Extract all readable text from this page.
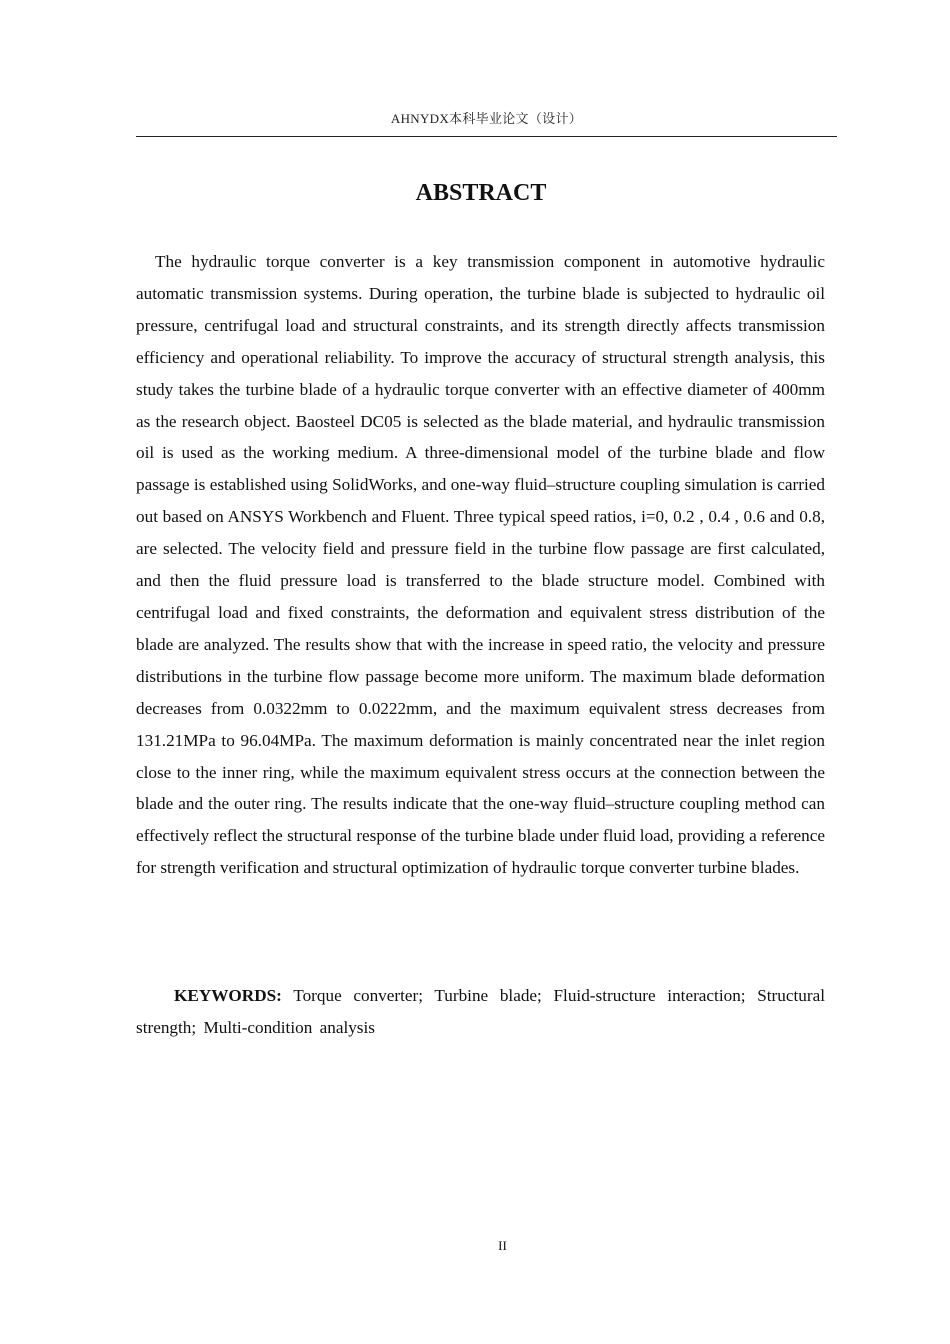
AHNYDX本科毕业论文（设计）
ABSTRACT

The hydraulic torque converter is a key transmission component in automotive hydraulic automatic transmission systems. During operation, the turbine blade is subjected to hydraulic oil pressure, centrifugal load and structural constraints, and its strength directly affects transmission efficiency and operational reliability. To improve the accuracy of structural strength analysis, this study takes the turbine blade of a hydraulic torque converter with an effective diameter of 400mm as the research object. Baosteel DC05 is selected as the blade material, and hydraulic transmission oil is used as the working medium. A three-dimensional model of the turbine blade and flow passage is established using SolidWorks, and one-way fluid–structure coupling simulation is carried out based on ANSYS Workbench and Fluent. Three typical speed ratios, i=0, 0.2 , 0.4 , 0.6 and 0.8, are selected. The velocity field and pressure field in the turbine flow passage are first calculated, and then the fluid pressure load is transferred to the blade structure model. Combined with centrifugal load and fixed constraints, the deformation and equivalent stress distribution of the blade are analyzed. The results show that with the increase in speed ratio, the velocity and pressure distributions in the turbine flow passage become more uniform. The maximum blade deformation decreases from 0.0322mm to 0.0222mm, and the maximum equivalent stress decreases from 131.21MPa to 96.04MPa. The maximum deformation is mainly concentrated near the inlet region close to the inner ring, while the maximum equivalent stress occurs at the connection between the blade and the outer ring. The results indicate that the one-way fluid–structure coupling method can effectively reflect the structural response of the turbine blade under fluid load, providing a reference for strength verification and structural optimization of hydraulic torque converter turbine blades.

KEYWORDS: Torque converter; Turbine blade; Fluid-structure interaction; Structural strength; Multi-condition analysis

II
